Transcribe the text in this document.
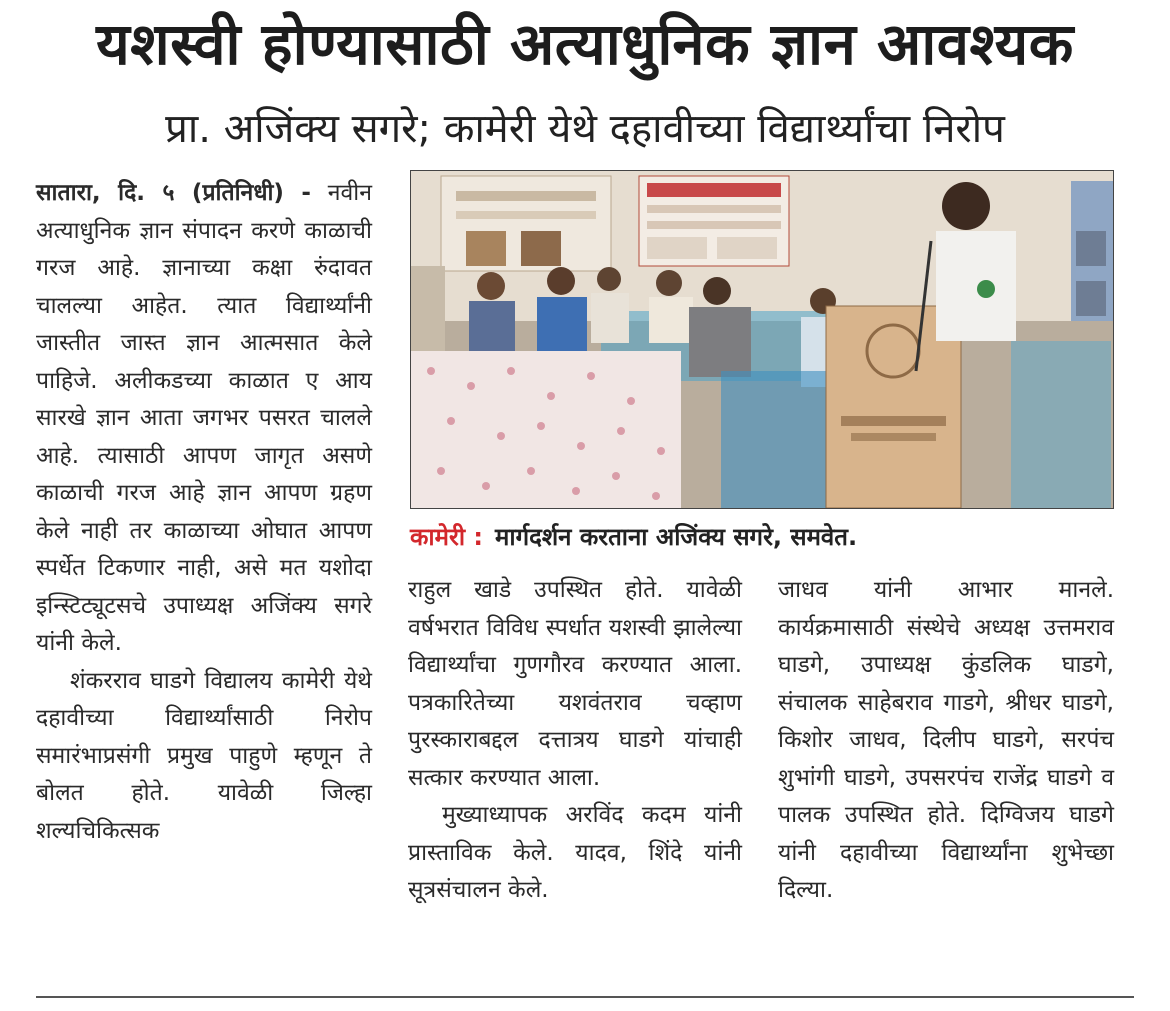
यशस्वी होण्यासाठी अत्याधुनिक ज्ञान आवश्यक
प्रा. अजिंक्य सगरे; कामेरी येथे दहावीच्या विद्यार्थ्यांचा निरोप

सातारा, दि. ५ (प्रतिनिधी) - नवीन अत्याधुनिक ज्ञान संपादन करणे काळाची गरज आहे. ज्ञानाच्या कक्षा रुंदावत चालल्या आहेत. त्यात विद्यार्थ्यांनी जास्तीत जास्त ज्ञान आत्मसात केले पाहिजे. अलीकडच्या काळात ए आय सारखे ज्ञान आता जगभर पसरत चालले आहे. त्यासाठी आपण जागृत असणे काळाची गरज आहे ज्ञान आपण ग्रहण केले नाही तर काळाच्या ओघात आपण स्पर्धेत टिकणार नाही, असे मत यशोदा इन्स्टिट्यूटसचे उपाध्यक्ष अजिंक्य सगरे यांनी केले.

शंकरराव घाडगे विद्यालय कामेरी येथे दहावीच्या विद्यार्थ्यांसाठी निरोप समारंभाप्रसंगी प्रमुख पाहुणे म्हणून ते बोलत होते. यावेळी जिल्हा शल्यचिकित्सक

कामेरी : मार्गदर्शन करताना अजिंक्य सगरे, समवेत.

राहुल खाडे उपस्थित होते. यावेळी वर्षभरात विविध स्पर्धात यशस्वी झालेल्या विद्यार्थ्यांचा गुणगौरव करण्यात आला. पत्रकारितेच्या यशवंतराव चव्हाण पुरस्काराबद्दल दत्तात्रय घाडगे यांचाही सत्कार करण्यात आला.

मुख्याध्यापक अरविंद कदम यांनी प्रास्ताविक केले. यादव, शिंदे यांनी सूत्रसंचालन केले.

जाधव यांनी आभार मानले. कार्यक्रमासाठी संस्थेचे अध्यक्ष उत्तमराव घाडगे, उपाध्यक्ष कुंडलिक घाडगे, संचालक साहेबराव गाडगे, श्रीधर घाडगे, किशोर जाधव, दिलीप घाडगे, सरपंच शुभांगी घाडगे, उपसरपंच राजेंद्र घाडगे व पालक उपस्थित होते. दिग्विजय घाडगे यांनी दहावीच्या विद्यार्थ्यांना शुभेच्छा दिल्या.
